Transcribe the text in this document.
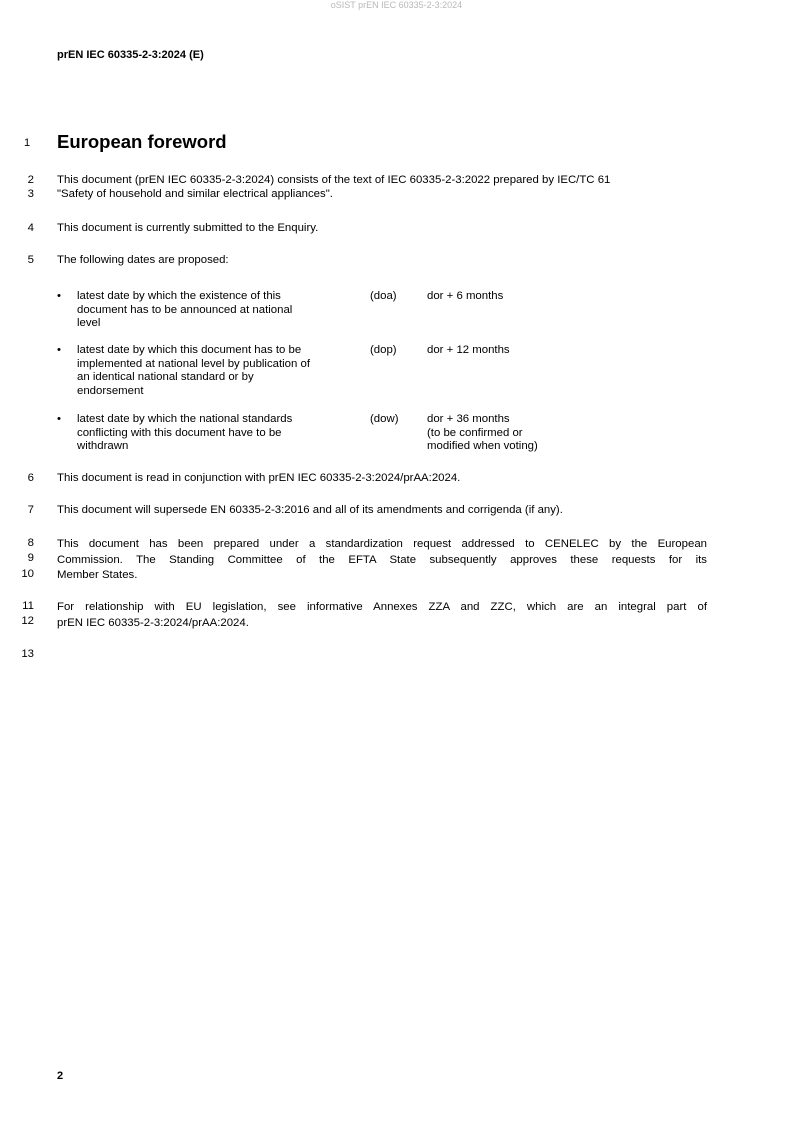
oSIST prEN IEC 60335-2-3:2024
prEN IEC 60335-2-3:2024 (E)
1 European foreword
2
3
This document (prEN IEC 60335-2-3:2024) consists of the text of IEC 60335-2-3:2022 prepared by IEC/TC 61
"Safety of household and similar electrical appliances".
4 This document is currently submitted to the Enquiry.
5 The following dates are proposed:
• latest date by which the existence of this
document has to be announced at national
level
(doa)	dor + 6 months
• latest date by which this document has to be
implemented at national level by publication of
an identical national standard or by
endorsement
(dop)	dor + 12 months
• latest date by which the national standards
conflicting with this document have to be
withdrawn
(dow)	dor + 36 months
(to be confirmed or
modified when voting)
6 This document is read in conjunction with prEN IEC 60335-2-3:2024/prAA:2024.
7 This document will supersede EN 60335-2-3:2016 and all of its amendments and corrigenda (if any).
8
9
10
This document has been prepared under a standardization request addressed to CENELEC by the European
Commission. The Standing Committee of the EFTA State subsequently approves these requests for its
Member States.
11
12
For relationship with EU legislation, see informative Annexes ZZA and ZZC, which are an integral part of
prEN IEC 60335-2-3:2024/prAA:2024.
13
2
